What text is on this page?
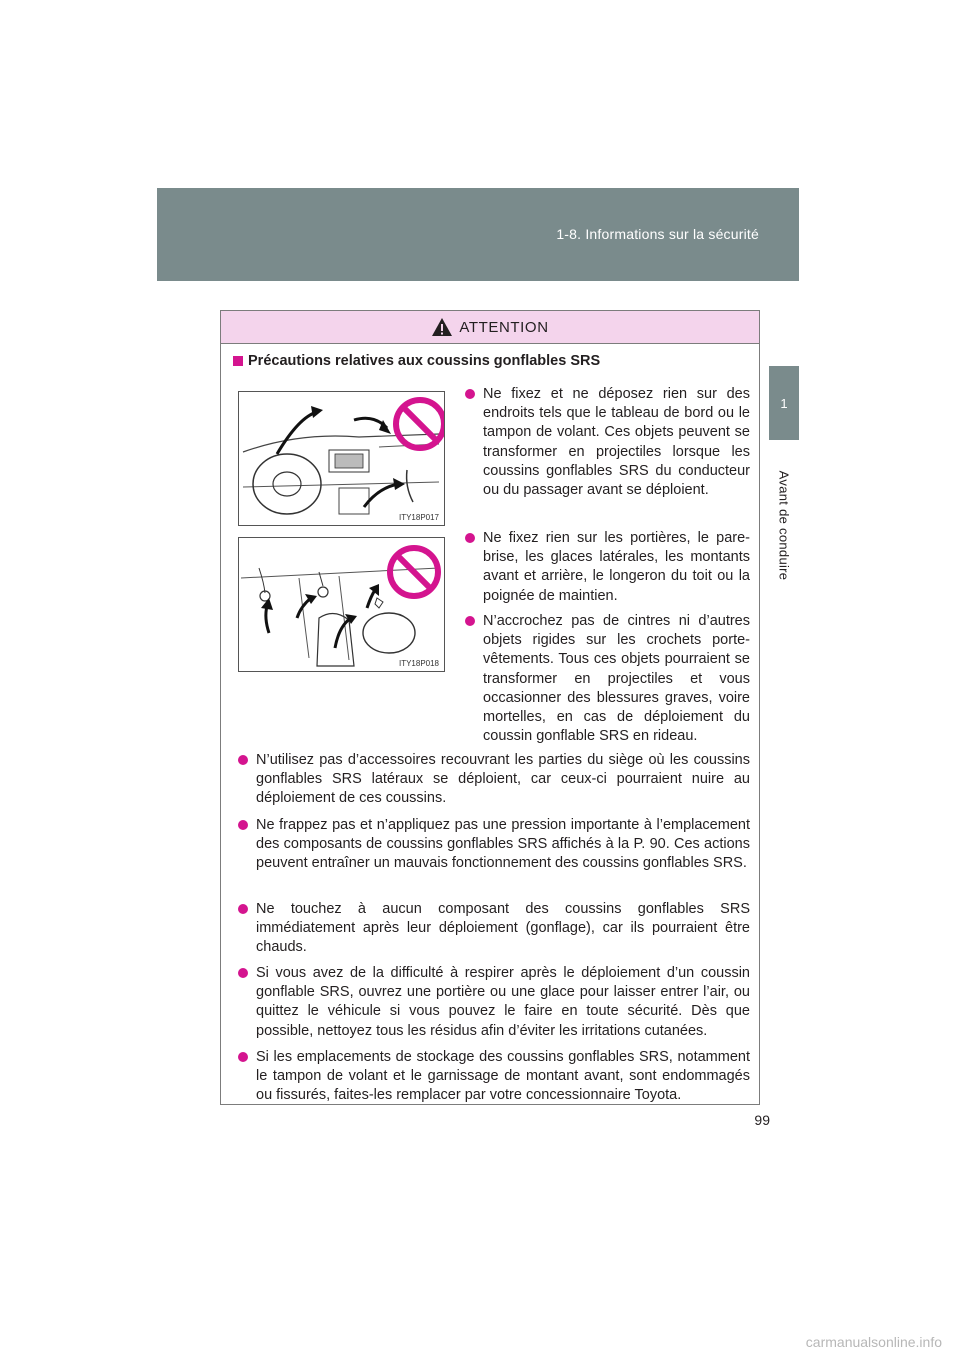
1-8. Informations sur la sécurité
1
Avant de conduire
ATTENTION
Précautions relatives aux coussins gonflables SRS
ITY18P017
ITY18P018
Ne fixez et ne déposez rien sur des endroits tels que le tableau de bord ou le tampon de volant. Ces objets peuvent se transformer en projectiles lorsque les coussins gonflables SRS du conducteur ou du passager avant se déploient.
Ne fixez rien sur les portières, le pare-brise, les glaces latérales, les montants avant et arrière, le longeron du toit ou la poignée de maintien.
N’accrochez pas de cintres ni d’autres objets rigides sur les crochets porte-vêtements. Tous ces objets pourraient se transformer en projectiles et vous occasionner des blessures graves, voire mortelles, en cas de déploiement du coussin gonflable SRS en rideau.
N’utilisez pas d’accessoires recouvrant les parties du siège où les coussins gonflables SRS latéraux se déploient, car ceux-ci pourraient nuire au déploiement de ces coussins.
Ne frappez pas et n’appliquez pas une pression importante à l’emplacement des composants de coussins gonflables SRS affichés à la P. 90. Ces actions peuvent entraîner un mauvais fonctionnement des coussins gonflables SRS.
Ne touchez à aucun composant des coussins gonflables SRS immédiatement après leur déploiement (gonflage), car ils pourraient être chauds.
Si vous avez de la difficulté à respirer après le déploiement d’un coussin gonflable SRS, ouvrez une portière ou une glace pour laisser entrer l’air, ou quittez le véhicule si vous pouvez le faire en toute sécurité. Dès que possible, nettoyez tous les résidus afin d’éviter les irritations cutanées.
Si les emplacements de stockage des coussins gonflables SRS, notamment le tampon de volant et le garnissage de montant avant, sont endommagés ou fissurés, faites-les remplacer par votre concessionnaire Toyota.
99
carmanualsonline.info
